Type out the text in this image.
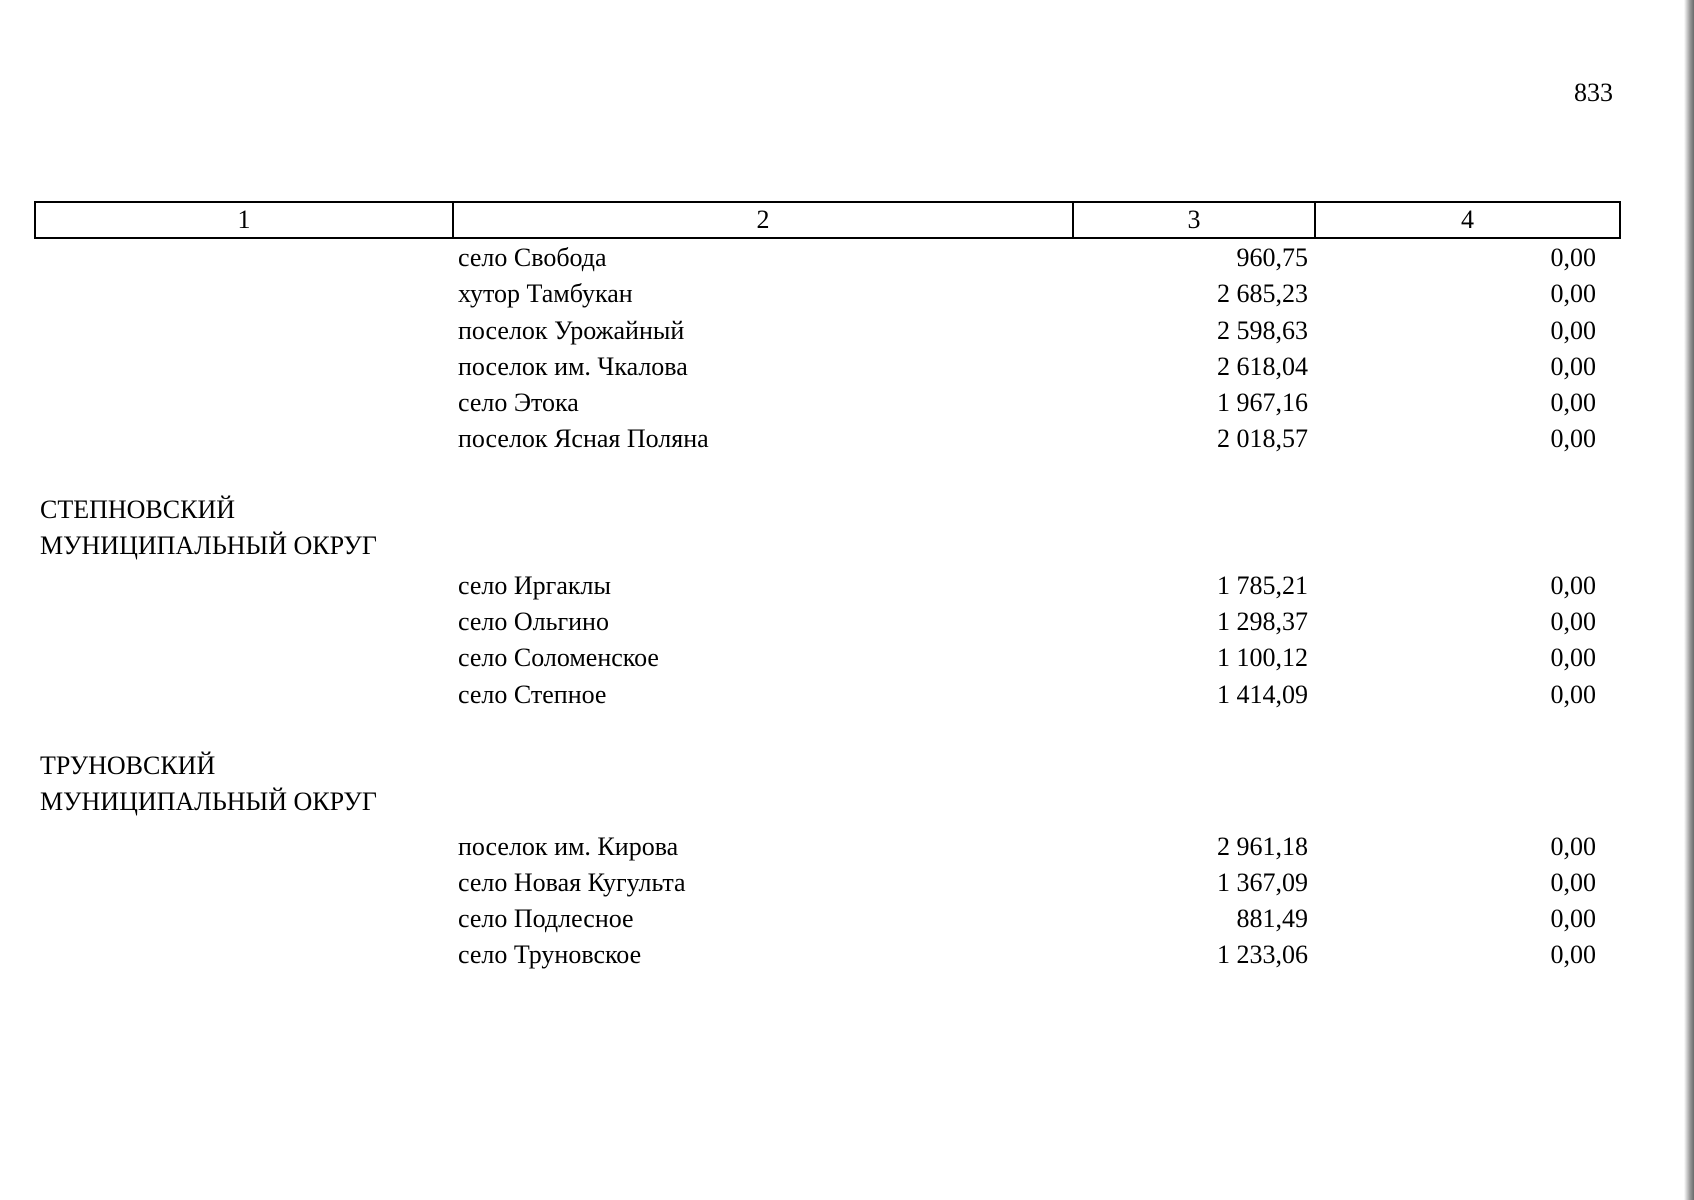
833
1	2	3	4
село Свобода	960,75	0,00
хутор Тамбукан	2 685,23	0,00
поселок Урожайный	2 598,63	0,00
поселок им. Чкалова	2 618,04	0,00
село Этока	1 967,16	0,00
поселок Ясная Поляна	2 018,57	0,00
СТЕПНОВСКИЙ
МУНИЦИПАЛЬНЫЙ ОКРУГ
село Иргаклы	1 785,21	0,00
село Ольгино	1 298,37	0,00
село Соломенское	1 100,12	0,00
село Степное	1 414,09	0,00
ТРУНОВСКИЙ
МУНИЦИПАЛЬНЫЙ ОКРУГ
поселок им. Кирова	2 961,18	0,00
село Новая Кугульта	1 367,09	0,00
село Подлесное	881,49	0,00
село Труновское	1 233,06	0,00
